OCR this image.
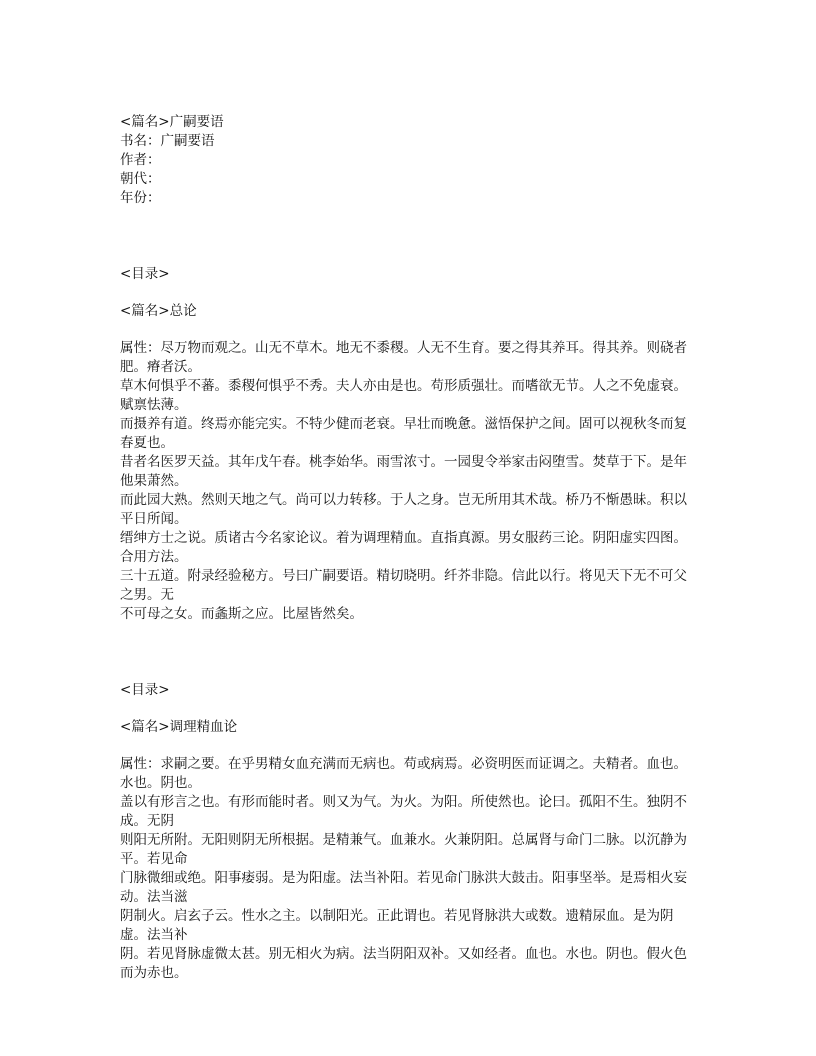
<篇名>广嗣要语

书名：广嗣要语

作者：

朝代：

年份：

<目录>

<篇名>总论

属性：尽万物而观之。山无不草木。地无不黍稷。人无不生育。要之得其养耳。得其养。则硗者肥。瘠者沃。

草木何惧乎不蕃。黍稷何惧乎不秀。夫人亦由是也。苟形质强壮。而嗜欲无节。人之不免虚衰。赋禀怯薄。

而摄养有道。终焉亦能完实。不特少健而老衰。早壮而晚惫。滋悟保护之间。固可以视秋冬而复春夏也。

昔者名医罗天益。其年戊午春。桃李始华。雨雪浓寸。一园叟令举家击闷堕雪。焚草于下。是年他果萧然。

而此园大熟。然则天地之气。尚可以力转移。于人之身。岂无所用其术哉。桥乃不惭愚昧。积以平日所闻。

缙绅方士之说。质诸古今名家论议。着为调理精血。直指真源。男女服药三论。阴阳虚实四图。合用方法。

三十五道。附录经验秘方。号曰广嗣要语。精切晓明。纤芥非隐。信此以行。将见天下无不可父之男。无

不可母之女。而螽斯之应。比屋皆然矣。

<目录>

<篇名>调理精血论

属性：求嗣之要。在乎男精女血充满而无病也。苟或病焉。必资明医而证调之。夫精者。血也。水也。阴也。

盖以有形言之也。有形而能时者。则又为气。为火。为阳。所使然也。论曰。孤阳不生。独阴不成。无阴

则阳无所附。无阳则阴无所根据。是精兼气。血兼水。火兼阴阳。总属肾与命门二脉。以沉静为平。若见命

门脉微细或绝。阳事痿弱。是为阳虚。法当补阳。若见命门脉洪大鼓击。阳事坚举。是焉相火妄动。法当滋

阴制火。启玄子云。性水之主。以制阳光。正此谓也。若见肾脉洪大或数。遗精尿血。是为阴虚。法当补

阴。若见肾脉虚微太甚。别无相火为病。法当阴阳双补。又如经者。血也。水也。阴也。假火色而为赤也。
